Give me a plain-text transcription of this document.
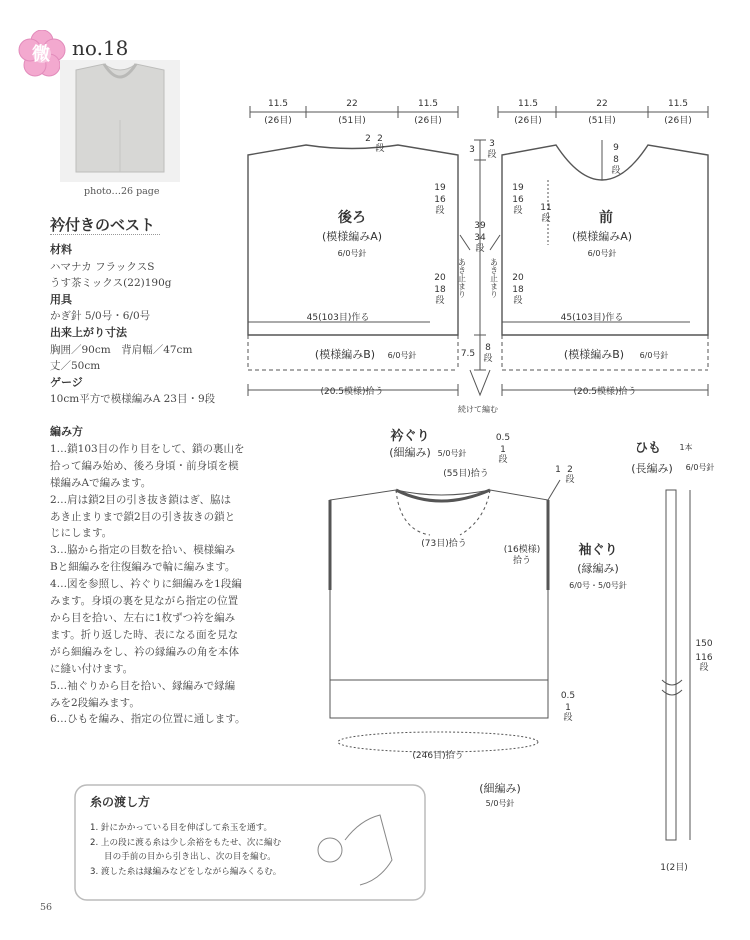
微 no.18
photo…26 page
衿付きのベスト
材料
ハマナカ フラックスS
うす茶ミックス(22)190g
用具
かぎ針 5/0号・6/0号
出来上がり寸法
胸囲／90cm　背肩幅／47cm
丈／50cm
ゲージ
10cm平方で模様編みA 23目・9段
編み方
1…鎖103目の作り目をして、鎖の裏山を
拾って編み始め、後ろ身頃・前身頃を模
様編みAで編みます。
2…肩は鎖2目の引き抜き鎖はぎ、脇は
あき止まりまで鎖2目の引き抜きの鎖と
じにします。
3…脇から指定の目数を拾い、模様編み
Bと細編みを往復編みで輪に編みます。
4…図を参照し、衿ぐりに細編みを1段編
みます。身頃の裏を見ながら指定の位置
から目を拾い、左右に1枚ずつ衿を編み
ます。折り返した時、表になる面を見な
がら細編みをし、衿の縁編みの角を本体
に縫い付けます。
5…袖ぐりから目を拾い、縁編みで縁編
みを2段編みます。
6…ひもを編み、指定の位置に通します。
11.5	22	11.5
(26目)	(51目)	(26目)
2 2
段
19
16
段
20
18
段
後ろ
(模様編みA)
6/0号針
45(103目)作る
(模様編みB) 6/0号針
(20.5模様)拾う
11.5	22	11.5
(26目)	(51目)	(26目)
9
8
段
11
段
19
16
段
20
18
段
前
(模様編みA)
6/0号針
45(103目)作る
(模様編みB) 6/0号針
(20.5模様)拾う
3
3
段
39
34
段
7.5
8
段
続けて編む
あき止まり	あき止まり
衿ぐり
(細編み) 5/0号針
0.5
1
段
(55目)拾う
(73目)拾う
(16模様)
拾う
1 2
段
袖ぐり
(縁編み)
6/0号・5/0号針
0.5
1
段
(246目)拾う
(細編み)
5/0号針
ひも 1本
(長編み) 6/0号針
150
116
段
1(2目)
糸の渡し方
1. 針にかかっている目を伸ばして糸玉を通す。
2. 上の段に渡る糸は少し余裕をもたせ、次に編む
目の手前の目から引き出し、次の目を編む。
3. 渡した糸は縁編みなどをしながら編みくるむ。
56
